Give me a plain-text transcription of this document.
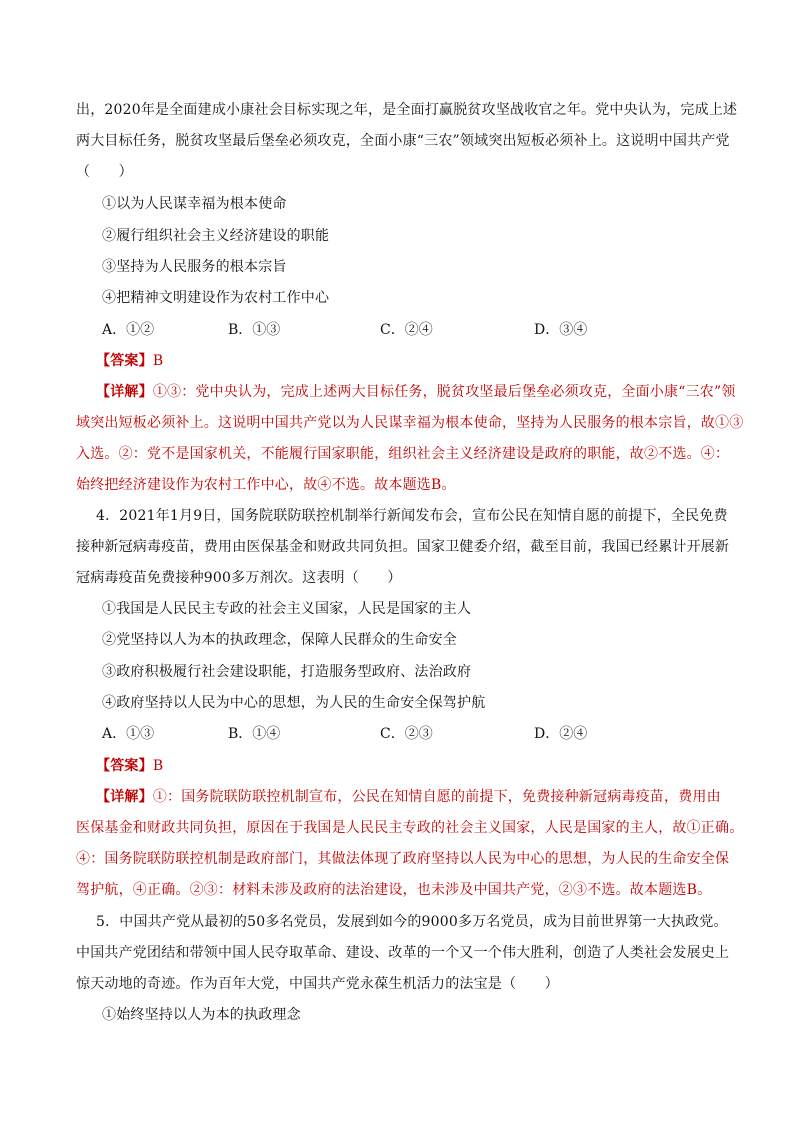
出，2020年是全面建成小康社会目标实现之年，是全面打赢脱贫攻坚战收官之年。党中央认为，完成上述
两大目标任务，脱贫攻坚最后堡垒必须攻克，全面小康“三农”领域突出短板必须补上。这说明中国共产党
（　　）
①以为人民谋幸福为根本使命
②履行组织社会主义经济建设的职能
③坚持为人民服务的根本宗旨
④把精神文明建设作为农村工作中心
A．①②	B．①③	C．②④	D．③④
【答案】B
【详解】①③：党中央认为，完成上述两大目标任务，脱贫攻坚最后堡垒必须攻克，全面小康“三农”领
域突出短板必须补上。这说明中国共产党以为人民谋幸福为根本使命，坚持为人民服务的根本宗旨，故①③
入选。②：党不是国家机关，不能履行国家职能，组织社会主义经济建设是政府的职能，故②不选。④：
始终把经济建设作为农村工作中心，故④不选。故本题选B。
4．2021年1月9日，国务院联防联控机制举行新闻发布会，宣布公民在知情自愿的前提下，全民免费
接种新冠病毒疫苗，费用由医保基金和财政共同负担。国家卫健委介绍，截至目前，我国已经累计开展新
冠病毒疫苗免费接种900多万剂次。这表明（　　）
①我国是人民民主专政的社会主义国家，人民是国家的主人
②党坚持以人为本的执政理念，保障人民群众的生命安全
③政府积极履行社会建设职能，打造服务型政府、法治政府
④政府坚持以人民为中心的思想，为人民的生命安全保驾护航
A．①③	B．①④	C．②③	D．②④
【答案】B
【详解】①：国务院联防联控机制宣布，公民在知情自愿的前提下，免费接种新冠病毒疫苗，费用由
医保基金和财政共同负担，原因在于我国是人民民主专政的社会主义国家，人民是国家的主人，故①正确。
④：国务院联防联控机制是政府部门，其做法体现了政府坚持以人民为中心的思想，为人民的生命安全保
驾护航，④正确。②③：材料未涉及政府的法治建设，也未涉及中国共产党，②③不选。故本题选B。
5．中国共产党从最初的50多名党员，发展到如今的9000多万名党员，成为目前世界第一大执政党。
中国共产党团结和带领中国人民夺取革命、建设、改革的一个又一个伟大胜利，创造了人类社会发展史上
惊天动地的奇迹。作为百年大党，中国共产党永葆生机活力的法宝是（　　）
①始终坚持以人为本的执政理念
